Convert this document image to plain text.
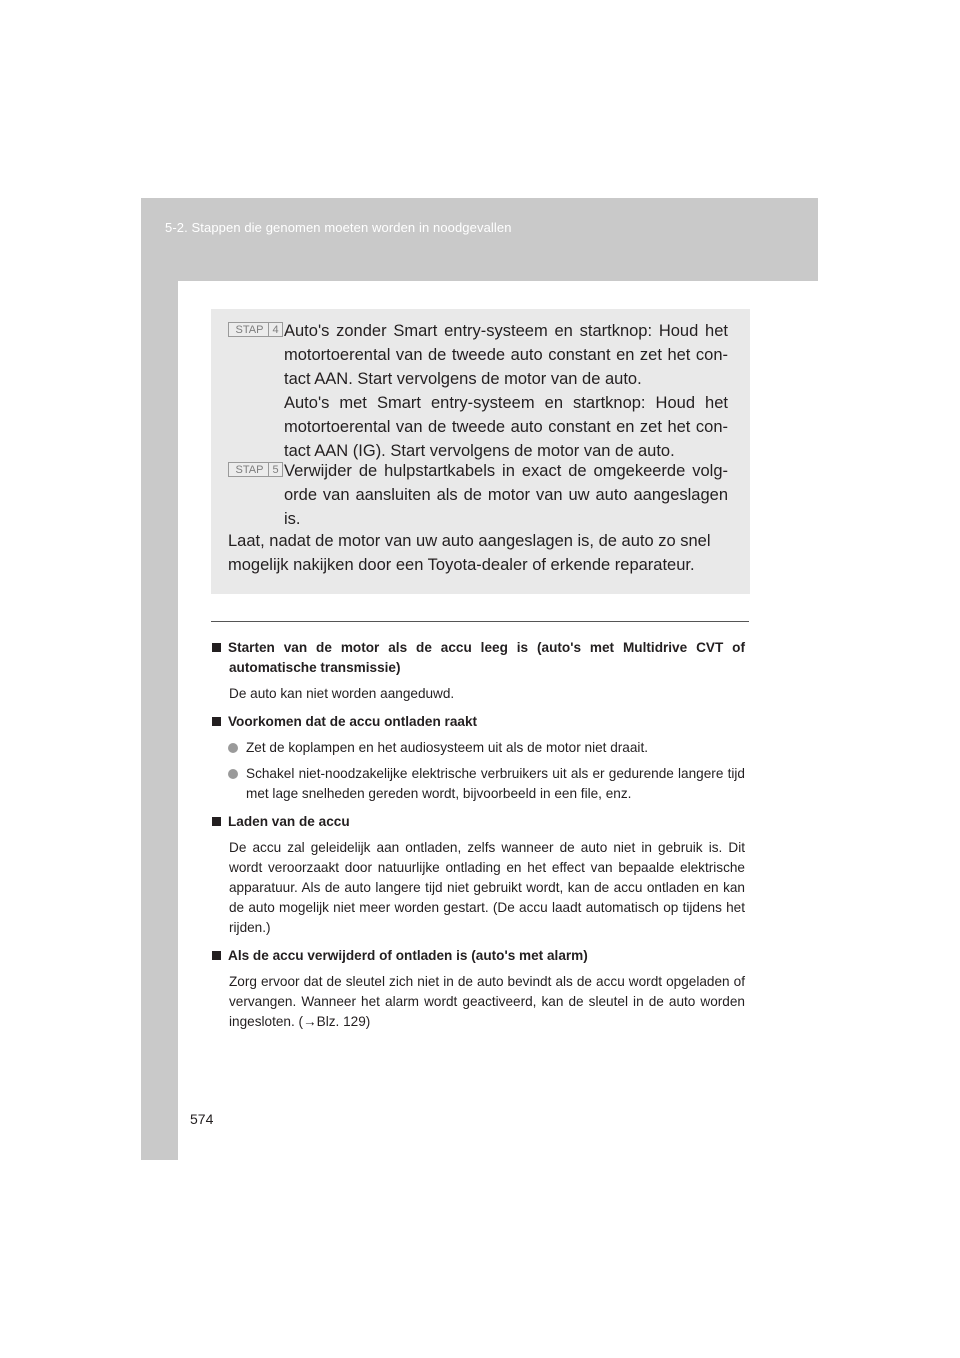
5-2. Stappen die genomen moeten worden in noodgevallen
574
STAP 4 Auto's zonder Smart entry-systeem en startknop: Houd het motortoerental van de tweede auto constant en zet het con-tact AAN. Start vervolgens de motor van de auto.

Auto's met Smart entry-systeem en startknop: Houd het motortoerental van de tweede auto constant en zet het con-tact AAN (IG). Start vervolgens de motor van de auto.

STAP 5 Verwijder de hulpstartkabels in exact de omgekeerde volg-orde van aansluiten als de motor van uw auto aangeslagen is.

Laat, nadat de motor van uw auto aangeslagen is, de auto zo snel mogelijk nakijken door een Toyota-dealer of erkende reparateur.
Starten van de motor als de accu leeg is (auto's met Multidrive CVT of automatische transmissie)
De auto kan niet worden aangeduwd.
Voorkomen dat de accu ontladen raakt
Zet de koplampen en het audiosysteem uit als de motor niet draait.
Schakel niet-noodzakelijke elektrische verbruikers uit als er gedurende langere tijd met lage snelheden gereden wordt, bijvoorbeeld in een file, enz.
Laden van de accu
De accu zal geleidelijk aan ontladen, zelfs wanneer de auto niet in gebruik is. Dit wordt veroorzaakt door natuurlijke ontlading en het effect van bepaalde elektrische apparatuur. Als de auto langere tijd niet gebruikt wordt, kan de accu ontladen en kan de auto mogelijk niet meer worden gestart. (De accu laadt automatisch op tijdens het rijden.)
Als de accu verwijderd of ontladen is (auto's met alarm)
Zorg ervoor dat de sleutel zich niet in de auto bevindt als de accu wordt opgeladen of vervangen. Wanneer het alarm wordt geactiveerd, kan de sleutel in de auto worden ingesloten. (→Blz. 129)
